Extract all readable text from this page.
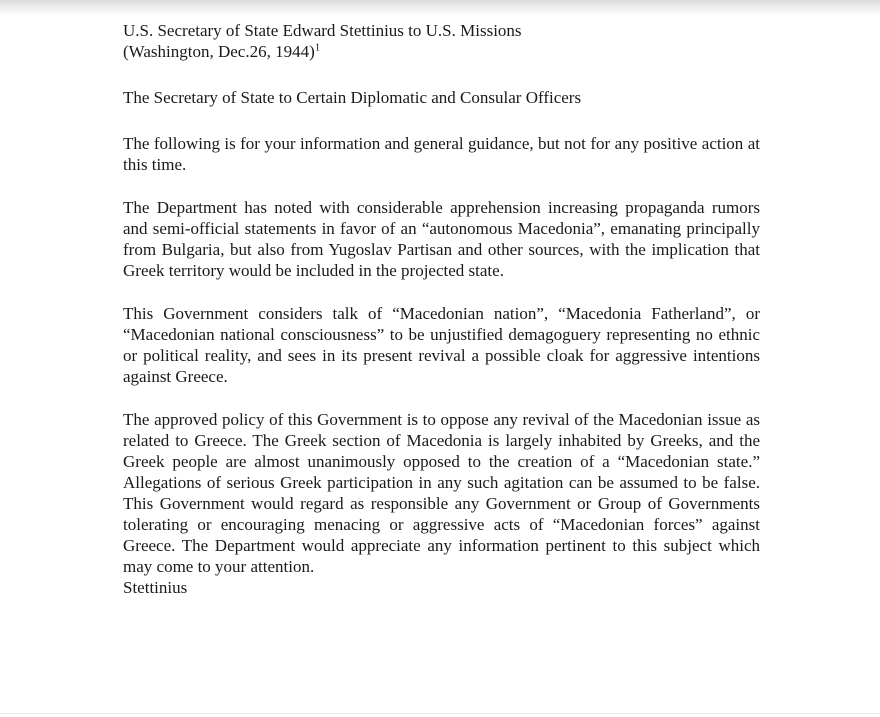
U.S. Secretary of State Edward Stettinius to U.S. Missions
(Washington, Dec.26, 1944)$^1$
The Secretary of State to Certain Diplomatic and Consular Officers

The following is for your information and general guidance, but not for any positive action at this time.

The Department has noted with considerable apprehension increasing propaganda rumors and semi-official statements in favor of an “autonomous Macedonia”, emanating principally from Bulgaria, but also from Yugoslav Partisan and other sources, with the implication that Greek territory would be included in the projected state.

This Government considers talk of “Macedonian nation”, “Macedonia Fatherland”, or “Macedonian national consciousness” to be unjustified demagoguery representing no ethnic or political reality, and sees in its present revival a possible cloak for aggressive intentions against Greece.

The approved policy of this Government is to oppose any revival of the Macedonian issue as related to Greece. The Greek section of Macedonia is largely inhabited by Greeks, and the Greek people are almost unanimously opposed to the creation of a “Macedonian state.” Allegations of serious Greek participation in any such agitation can be assumed to be false. This Government would regard as responsible any Government or Group of Governments tolerating or encouraging menacing or aggressive acts of “Macedonian forces” against Greece. The Department would appreciate any information pertinent to this subject which may come to your attention.

Stettinius
